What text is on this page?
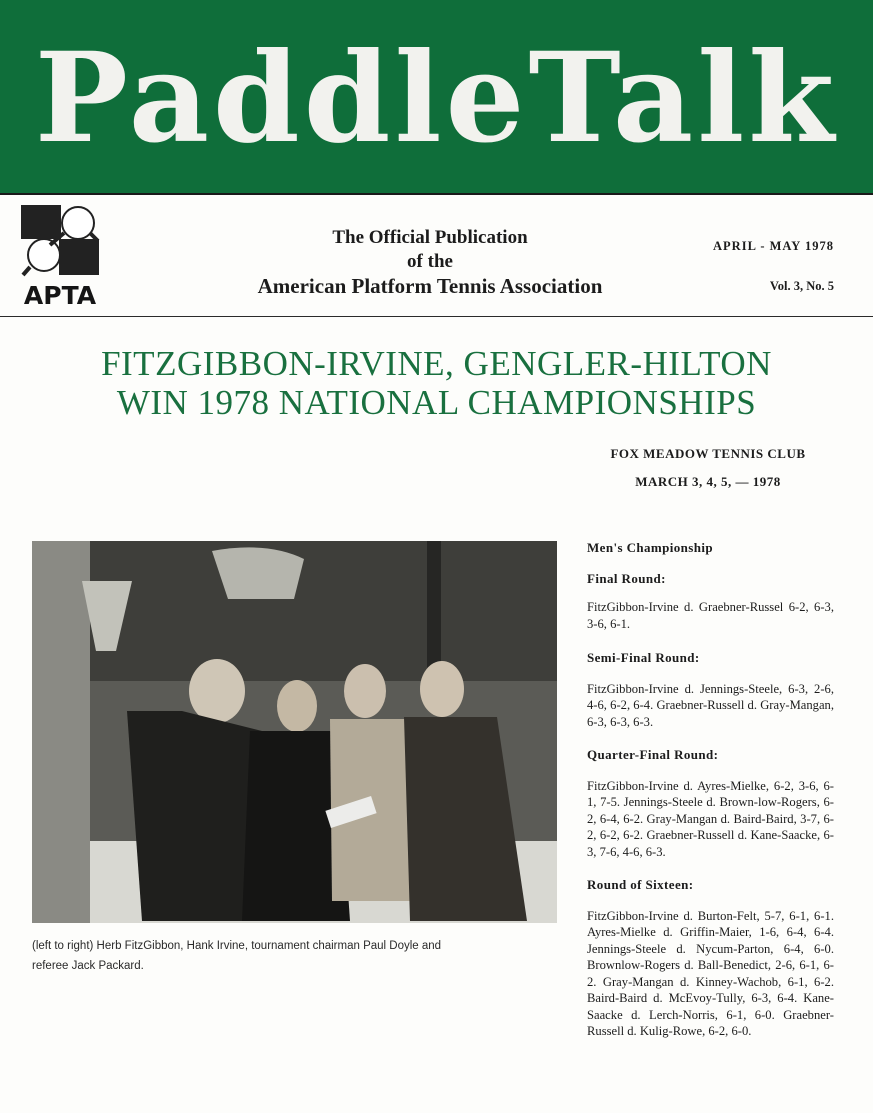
PaddleTalk
APTA
The Official Publication
of the
American Platform Tennis Association
APRIL - MAY 1978
Vol. 3, No. 5
FITZGIBBON-IRVINE, GENGLER-HILTON
WIN 1978 NATIONAL CHAMPIONSHIPS
FOX MEADOW TENNIS CLUB
MARCH 3, 4, 5, — 1978
(left to right) Herb FitzGibbon, Hank Irvine, tournament chairman Paul Doyle and
referee Jack Packard.
Men's Championship
Final Round:

FitzGibbon-Irvine d. Graebner-Russel 6-2, 6-3, 3-6, 6-1.

Semi-Final Round:

FitzGibbon-Irvine d. Jennings-Steele, 6-3, 2-6, 4-6, 6-2, 6-4. Graebner-Russell d. Gray-Mangan, 6-3, 6-3, 6-3.

Quarter-Final Round:

FitzGibbon-Irvine d. Ayres-Mielke, 6-2, 3-6, 6-1, 7-5. Jennings-Steele d. Brown-low-Rogers, 6-2, 6-4, 6-2. Gray-Mangan d. Baird-Baird, 3-7, 6-2, 6-2, 6-2. Graebner-Russell d. Kane-Saacke, 6-3, 7-6, 4-6, 6-3.

Round of Sixteen:

FitzGibbon-Irvine d. Burton-Felt, 5-7, 6-1, 6-1. Ayres-Mielke d. Griffin-Maier, 1-6, 6-4, 6-4. Jennings-Steele d. Nycum-Parton, 6-4, 6-0. Brownlow-Rogers d. Ball-Benedict, 2-6, 6-1, 6-2. Gray-Mangan d. Kinney-Wachob, 6-1, 6-2. Baird-Baird d. McEvoy-Tully, 6-3, 6-4. Kane-Saacke d. Lerch-Norris, 6-1, 6-0. Graebner-Russell d. Kulig-Rowe, 6-2, 6-0.
